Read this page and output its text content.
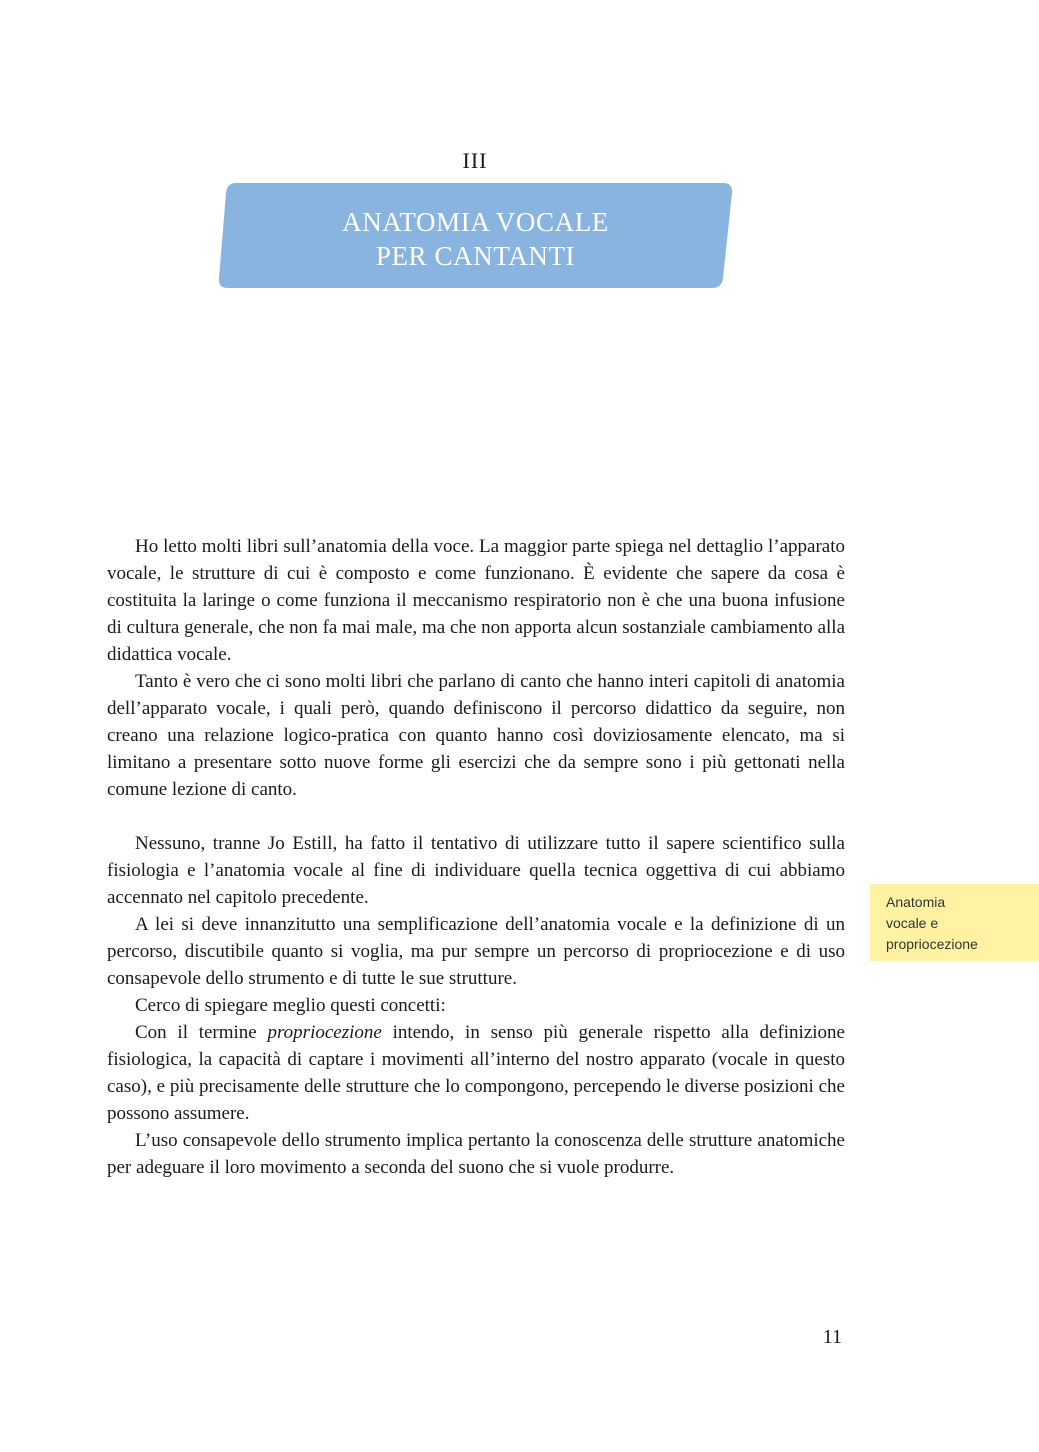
III
ANATOMIA VOCALE
PER CANTANTI

Ho letto molti libri sull’anatomia della voce. La maggior parte spiega nel dettaglio l’apparato vocale, le strutture di cui è composto e come funzionano. È evidente che sapere da cosa è costituita la laringe o come funziona il meccanismo respiratorio non è che una buona infusione di cultura generale, che non fa mai male, ma che non apporta alcun sostanziale cambiamento alla didattica vocale.

Tanto è vero che ci sono molti libri che parlano di canto che hanno interi capitoli di anatomia dell’apparato vocale, i quali però, quando definiscono il percorso didattico da seguire, non creano una relazione logico-pratica con quanto hanno così doviziosamente elencato, ma si limitano a presentare sotto nuove forme gli esercizi che da sempre sono i più gettonati nella comune lezione di canto.

Nessuno, tranne Jo Estill, ha fatto il tentativo di utilizzare tutto il sapere scientifico sulla fisiologia e l’anatomia vocale al fine di individuare quella tecnica oggettiva di cui abbiamo accennato nel capitolo precedente.

A lei si deve innanzitutto una semplificazione dell’anatomia vocale e la definizione di un percorso, discutibile quanto si voglia, ma pur sempre un percorso di propriocezione e di uso consapevole dello strumento e di tutte le sue strutture.

Cerco di spiegare meglio questi concetti:

Con il termine propriocezione intendo, in senso più generale rispetto alla definizione fisiologica, la capacità di captare i movimenti all’interno del nostro apparato (vocale in questo caso), e più precisamente delle strutture che lo compongono, percependo le diverse posizioni che possono assumere.

L’uso consapevole dello strumento implica pertanto la conoscenza delle strutture anatomiche per adeguare il loro movimento a seconda del suono che si vuole produrre.

Anatomia
vocale e
propriocezione
11
